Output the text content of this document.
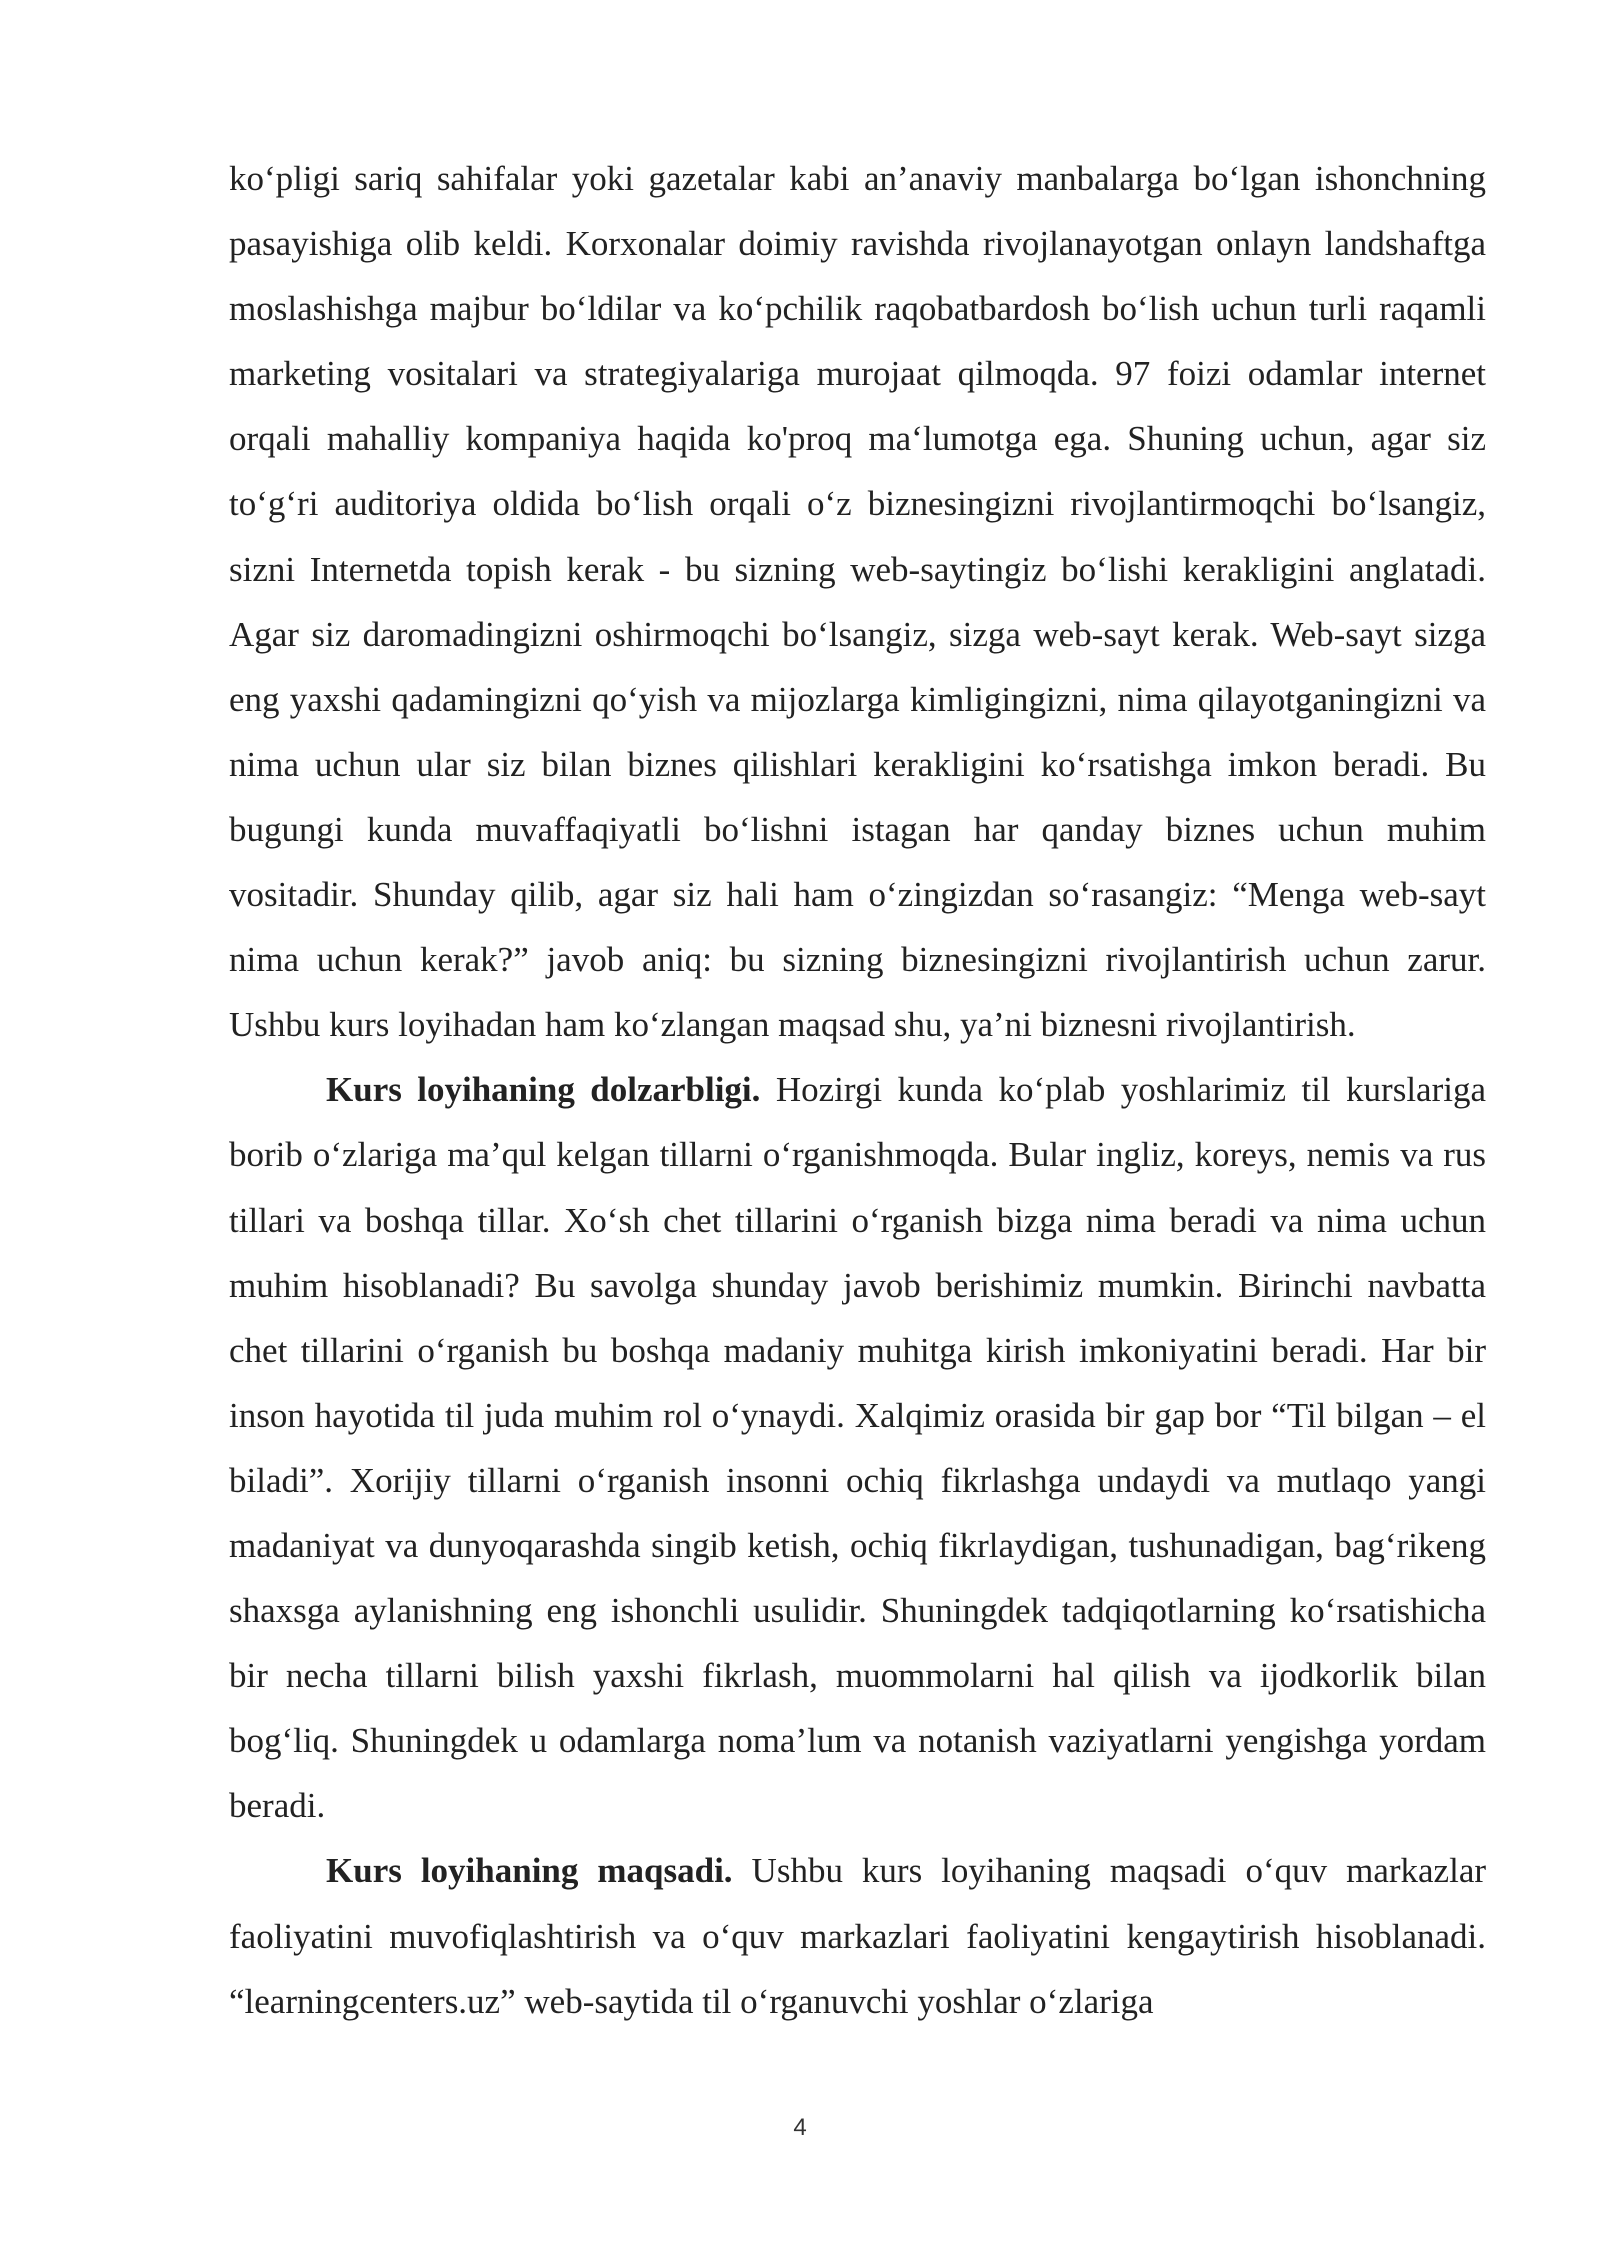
ko‘pligi sariq sahifalar yoki gazetalar kabi an’anaviy manbalarga bo‘lgan ishonchning pasayishiga olib keldi. Korxonalar doimiy ravishda rivojlanayotgan onlayn landshaftga moslashishga majbur bo‘ldilar va ko‘pchilik raqobatbardosh bo‘lish uchun turli raqamli marketing vositalari va strategiyalariga murojaat qilmoqda. 97 foizi odamlar internet orqali mahalliy kompaniya haqida ko'proq ma‘lumotga ega. Shuning uchun, agar siz to‘g‘ri auditoriya oldida bo‘lish orqali o‘z biznesingizni rivojlantirmoqchi bo‘lsangiz, sizni Internetda topish kerak - bu sizning web-saytingiz bo‘lishi kerakligini anglatadi. Agar siz daromadingizni oshirmoqchi bo‘lsangiz, sizga web-sayt kerak. Web-sayt sizga eng yaxshi qadamingizni qo‘yish va mijozlarga kimligingizni, nima qilayotganingizni va nima uchun ular siz bilan biznes qilishlari kerakligini ko‘rsatishga imkon beradi. Bu bugungi kunda muvaffaqiyatli bo‘lishni istagan har qanday biznes uchun muhim vositadir. Shunday qilib, agar siz hali ham o‘zingizdan so‘rasangiz: “Menga web-sayt nima uchun kerak?” javob aniq: bu sizning biznesingizni rivojlantirish uchun zarur. Ushbu kurs loyihadan ham ko‘zlangan maqsad shu, ya’ni biznesni rivojlantirish.

Kurs loyihaning dolzarbligi. Hozirgi kunda ko‘plab yoshlarimiz til kurslariga borib o‘zlariga ma’qul kelgan tillarni o‘rganishmoqda. Bular ingliz, koreys, nemis va rus tillari va boshqa tillar. Xo‘sh chet tillarini o‘rganish bizga nima beradi va nima uchun muhim hisoblanadi? Bu savolga shunday javob berishimiz mumkin. Birinchi navbatta chet tillarini o‘rganish bu boshqa madaniy muhitga kirish imkoniyatini beradi. Har bir inson hayotida til juda muhim rol o‘ynaydi. Xalqimiz orasida bir gap bor “Til bilgan – el biladi”. Xorijiy tillarni o‘rganish insonni ochiq fikrlashga undaydi va mutlaqo yangi madaniyat va dunyoqarashda singib ketish, ochiq fikrlaydigan, tushunadigan, bag‘rikeng shaxsga aylanishning eng ishonchli usulidir. Shuningdek tadqiqotlarning ko‘rsatishicha bir necha tillarni bilish yaxshi fikrlash, muommolarni hal qilish va ijodkorlik bilan bog‘liq. Shuningdek u odamlarga noma’lum va notanish vaziyatlarni yengishga yordam beradi.

Kurs loyihaning maqsadi. Ushbu kurs loyihaning maqsadi o‘quv markazlar faoliyatini muvofiqlashtirish va o‘quv markazlari faoliyatini kengaytirish hisoblanadi. “learningcenters.uz” web-saytida til o‘rganuvchi yoshlar o‘zlariga

4
